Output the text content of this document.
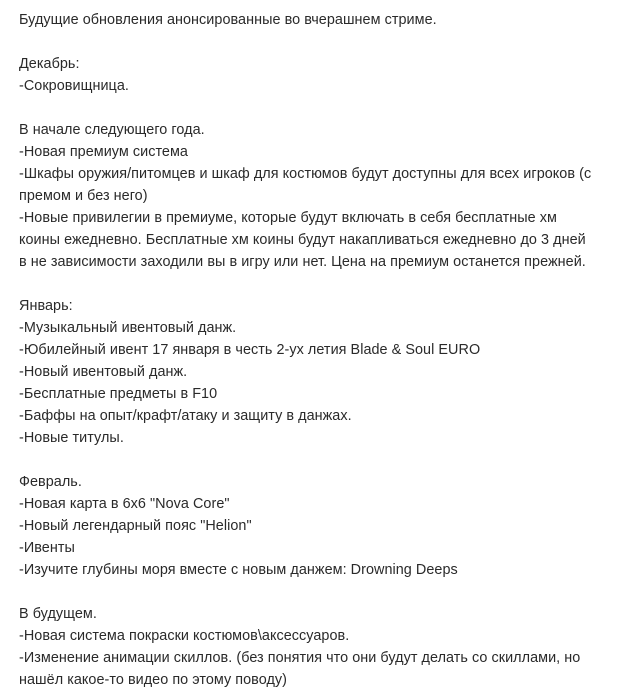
Будущие обновления анонсированные во вчерашнем стриме.
Декабрь:
-Сокровищница.
В начале следующего года.
-Новая премиум система
-Шкафы оружия/питомцев и шкаф для костюмов будут доступны для всех игроков (с
премом и без него)
-Новые привилегии в премиуме, которые будут включать в себя бесплатные хм
коины ежедневно. Бесплатные хм коины будут накапливаться ежедневно до 3 дней
в не зависимости заходили вы в игру или нет. Цена на премиум останется прежней.
Январь:
-Музыкальный ивентовый данж.
-Юбилейный ивент 17 января в честь 2-ух летия Blade & Soul EURO
-Новый ивентовый данж.
-Бесплатные предметы в F10
-Баффы на опыт/крафт/атаку и защиту в данжах.
-Новые титулы.
Февраль.
-Новая карта в 6х6 "Nova Core"
-Новый легендарный пояс "Helion"
-Ивенты
-Изучите глубины моря вместе с новым данжем: Drowning Deeps
В будущем.
-Новая система покраски костюмов\аксессуаров.
-Изменение анимации скиллов. (без понятия что они будут делать со скиллами, но
нашёл какое-то видео по этому поводу)
